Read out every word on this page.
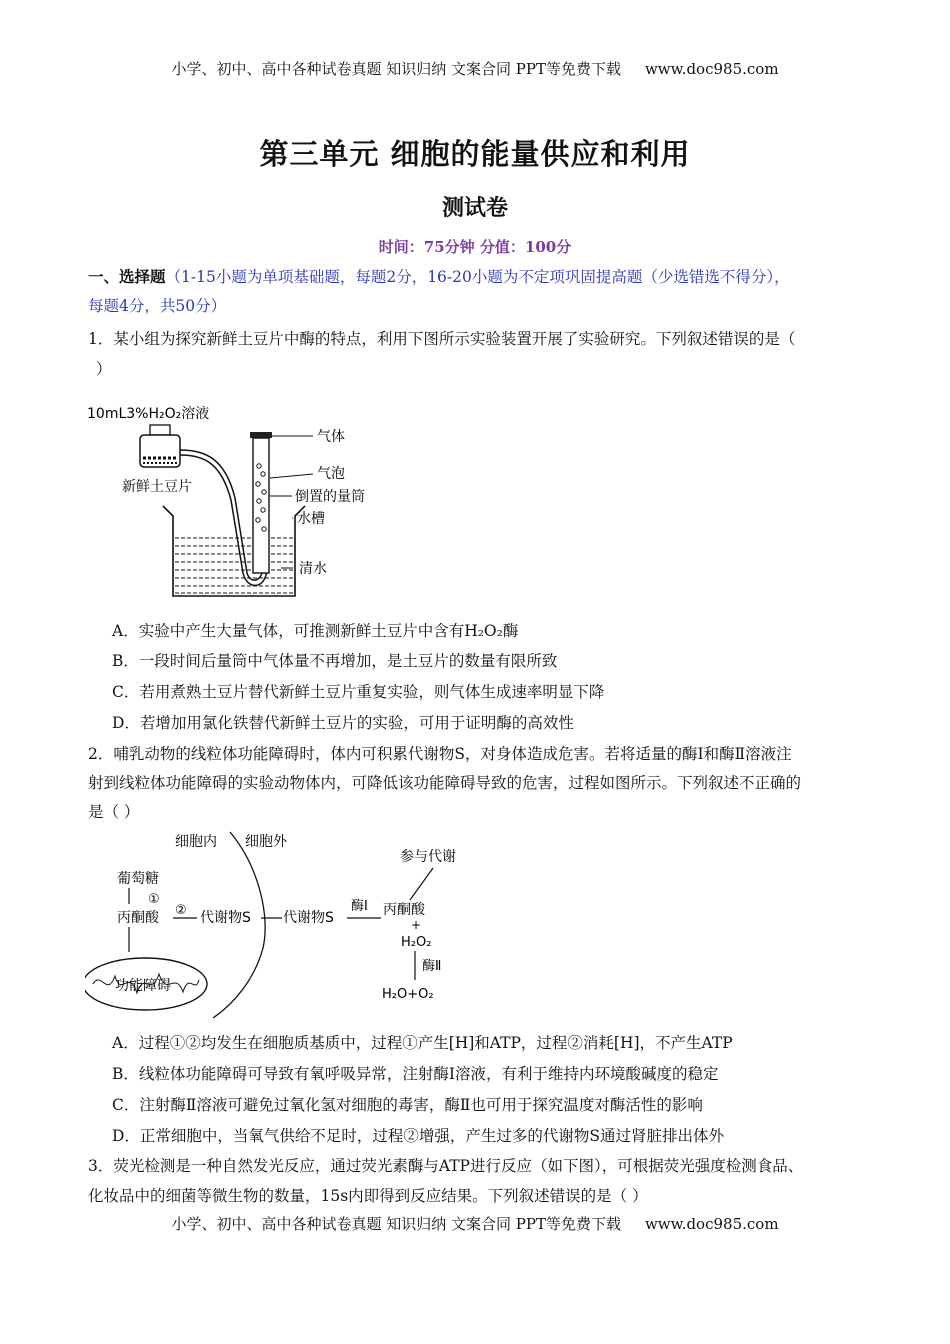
小学、初中、高中各种试卷真题 知识归纳 文案合同 PPT等免费下载 www.doc985.com
第三单元 细胞的能量供应和利用
测试卷
时间：75分钟 分值：100分
一、选择题（1-15小题为单项基础题，每题2分，16-20小题为不定项巩固提高题（少选错选不得分），
每题4分，共50分）
1．某小组为探究新鲜土豆片中酶的特点，利用下图所示实验装置开展了实验研究。下列叙述错误的是（
）
10mL3%H₂O₂溶液
新鲜土豆片
气体
气泡
倒置的量筒
水槽
清水
A．实验中产生大量气体，可推测新鲜土豆片中含有H₂O₂酶
B．一段时间后量筒中气体量不再增加，是土豆片的数量有限所致
C．若用煮熟土豆片替代新鲜土豆片重复实验，则气体生成速率明显下降
D．若增加用氯化铁替代新鲜土豆片的实验，可用于证明酶的高效性
2．哺乳动物的线粒体功能障碍时，体内可积累代谢物S，对身体造成危害。若将适量的酶Ⅰ和酶Ⅱ溶液注
射到线粒体功能障碍的实验动物体内，可降低该功能障碍导致的危害，过程如图所示。下列叙述不正确的
是（ ）
细胞内 细胞外
葡萄糖
①
丙酮酸 ② 代谢物S 代谢物S
酶Ⅰ 丙酮酸
参与代谢
+
H₂O₂
酶Ⅱ
H₂O+O₂
功能障碍
A．过程①②均发生在细胞质基质中，过程①产生[H]和ATP，过程②消耗[H]，不产生ATP
B．线粒体功能障碍可导致有氧呼吸异常，注射酶Ⅰ溶液，有利于维持内环境酸碱度的稳定
C．注射酶Ⅱ溶液可避免过氧化氢对细胞的毒害，酶Ⅱ也可用于探究温度对酶活性的影响
D．正常细胞中，当氧气供给不足时，过程②增强，产生过多的代谢物S通过肾脏排出体外
3．荧光检测是一种自然发光反应，通过荧光素酶与ATP进行反应（如下图），可根据荧光强度检测食品、
化妆品中的细菌等微生物的数量，15s内即得到反应结果。下列叙述错误的是（ ）
小学、初中、高中各种试卷真题 知识归纳 文案合同 PPT等免费下载 www.doc985.com
